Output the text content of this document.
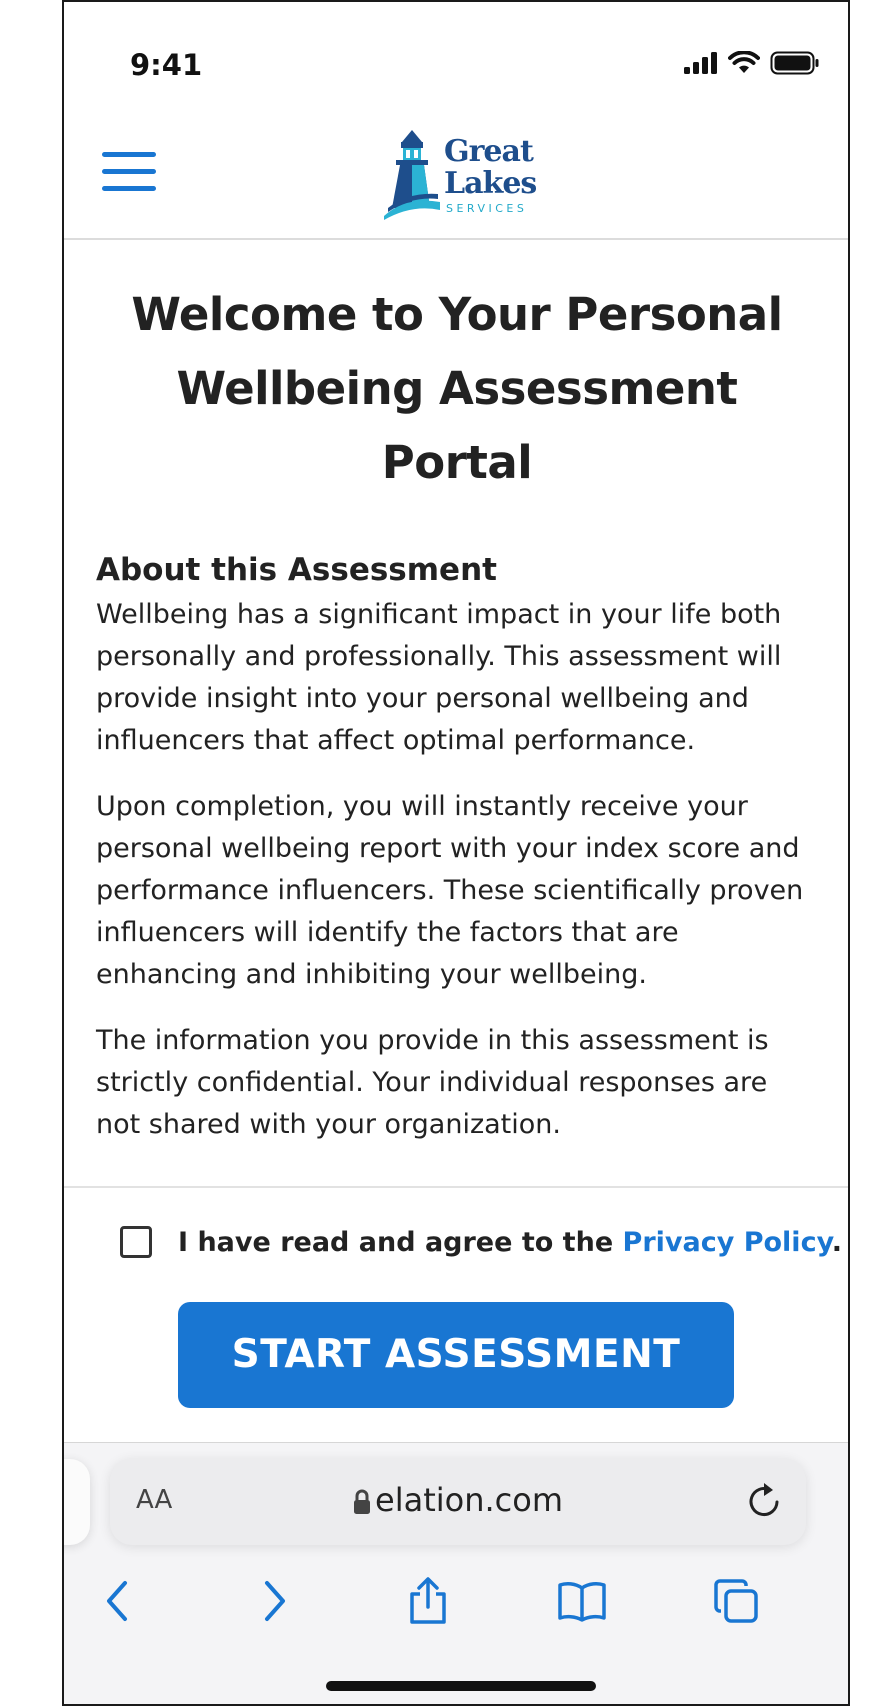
9:41
Great
Lakes
SERVICES
Welcome to Your Personal Wellbeing Assessment Portal
About this Assessment
Wellbeing has a significant impact in your life both personally and professionally. This assessment will provide insight into your personal wellbeing and influencers that affect optimal performance.
Upon completion, you will instantly receive your personal wellbeing report with your index score and performance influencers. These scientifically proven influencers will identify the factors that are enhancing and inhibiting your wellbeing.
The information you provide in this assessment is strictly confidential. Your individual responses are not shared with your organization.
I have read and agree to the Privacy Policy.
START ASSESSMENT
AA	elation.com
